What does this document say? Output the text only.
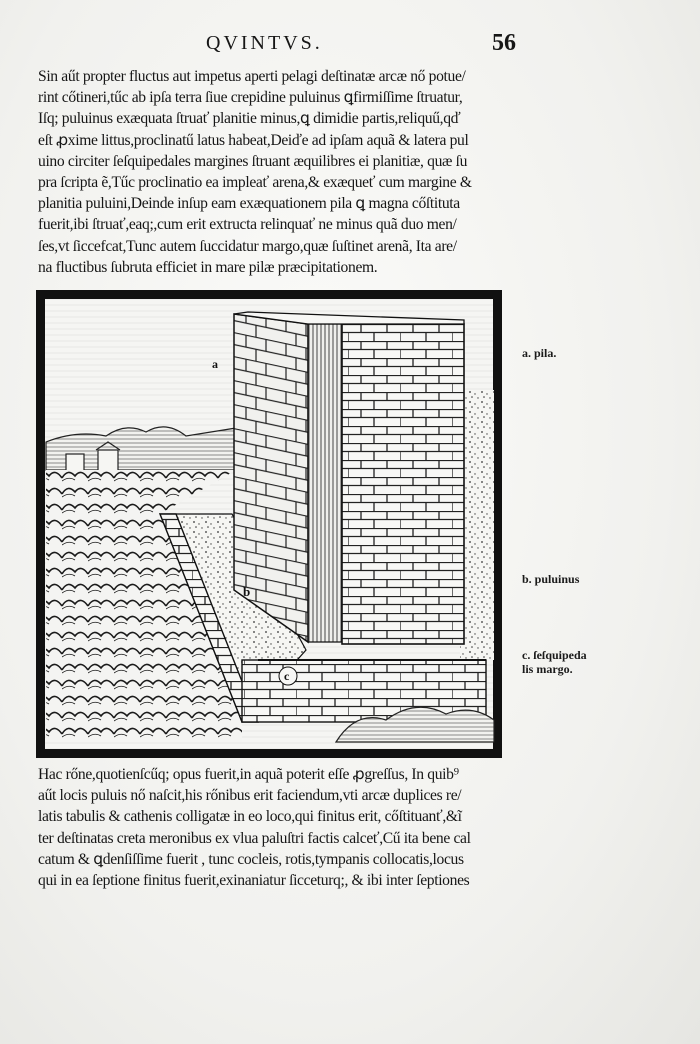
QVINTVS.	56
Sin aűt propter fluctus aut impetus aperti pelagi deſtinatæ arcæ nő potue/
rint cőtineri,tűc ab ipſa terra ſiue crepidine puluinus ꝗfirmiſſime ſtruatur,
Iſq; puluinus exæquata ſtruať planitie minus,ꝗ dimidie partis,reliquű,qď
eſt ꝓxime littus,proclinatű latus habeat,Deiďe ad ipſam aquã & latera pul
uino circiter ſeſquipedales margines ſtruant æquilibres ei planitiæ, quæ ſu
pra ſcripta ẽ,Tűc proclinatio ea impleať arena,& exæqueť cum margine &
planitia puluini,Deinde inſup eam exæquationem pila ꝗ magna cőſtituta
fuerit,ibi ſtruať,eaq;,cum erit extructa relinquať ne minus quã duo men/
ſes,vt ſiccefcat,Tunc autem ſuccidatur margo,quæ ſuſtinet arenã, Ita are/
na fluctibus ſubruta efficiet in mare pilæ præcipitationem.
a
b
c
a. pila.
b. puluinus
c. ſeſquipeda
lis margo.
Hac rőne,quotienſcűq; opus fuerit,in aquã poterit eſſe ꝓgreſſus, In quib⁹
aűt locis puluis nő naſcit,his rőnibus erit faciendum,vti arcæ duplices re/
latis tabulis & cathenis colligatæ in eo loco,qui finitus erit, cőſtituanť,&ĩ
ter deſtinatas creta meronibus ex vlua paluſtri factis calceť,Cű ita bene cal
catum & ꝗdenſiſſime fuerit , tunc cocleis, rotis,tympanis collocatis,locus
qui in ea ſeptione finitus fuerit,exinaniatur ſicceturq;, & ibi inter ſeptiones
